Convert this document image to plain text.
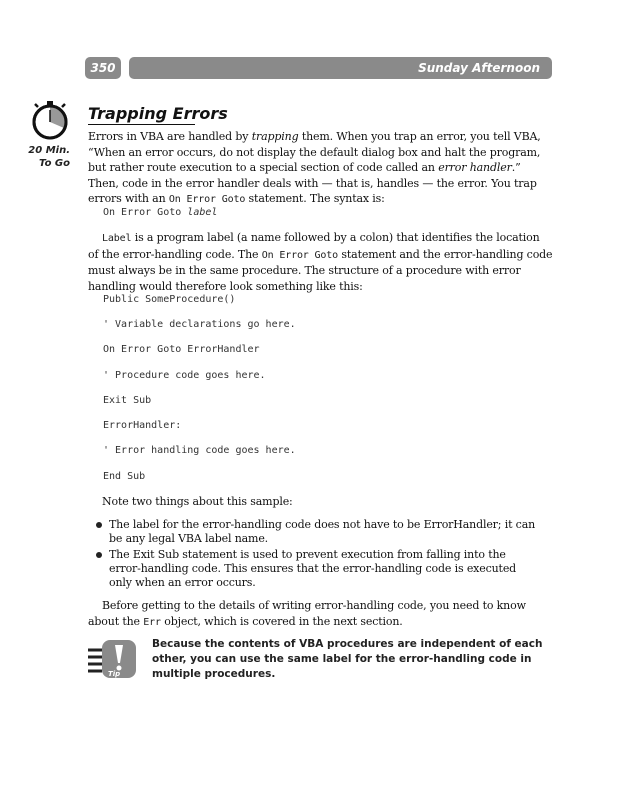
350	Sunday Afternoon
20 Min.
To Go
Trapping Errors

Errors in VBA are handled by trapping them. When you trap an error, you tell VBA, “When an error occurs, do not display the default dialog box and halt the program, but rather route execution to a special section of code called an error handler.” Then, code in the error handler deals with — that is, handles — the error. You trap errors with an On Error Goto statement. The syntax is:

On Error Goto label

Label is a program label (a name followed by a colon) that identifies the location of the error-handling code. The On Error Goto statement and the error-handling code must always be in the same procedure. The structure of a procedure with error handling would therefore look something like this:

Public SomeProcedure()
' Variable declarations go here.
On Error Goto ErrorHandler
' Procedure code goes here.
Exit Sub
ErrorHandler:
' Error handling code goes here.
End Sub

Note two things about this sample:

The label for the error-handling code does not have to be ErrorHandler; it can be any legal VBA label name.
The Exit Sub statement is used to prevent execution from falling into the error-handling code. This ensures that the error-handling code is executed only when an error occurs.

Before getting to the details of writing error-handling code, you need to know about the Err object, which is covered in the next section.

Tip

Because the contents of VBA procedures are independent of each other, you can use the same label for the error-handling code in multiple procedures.
